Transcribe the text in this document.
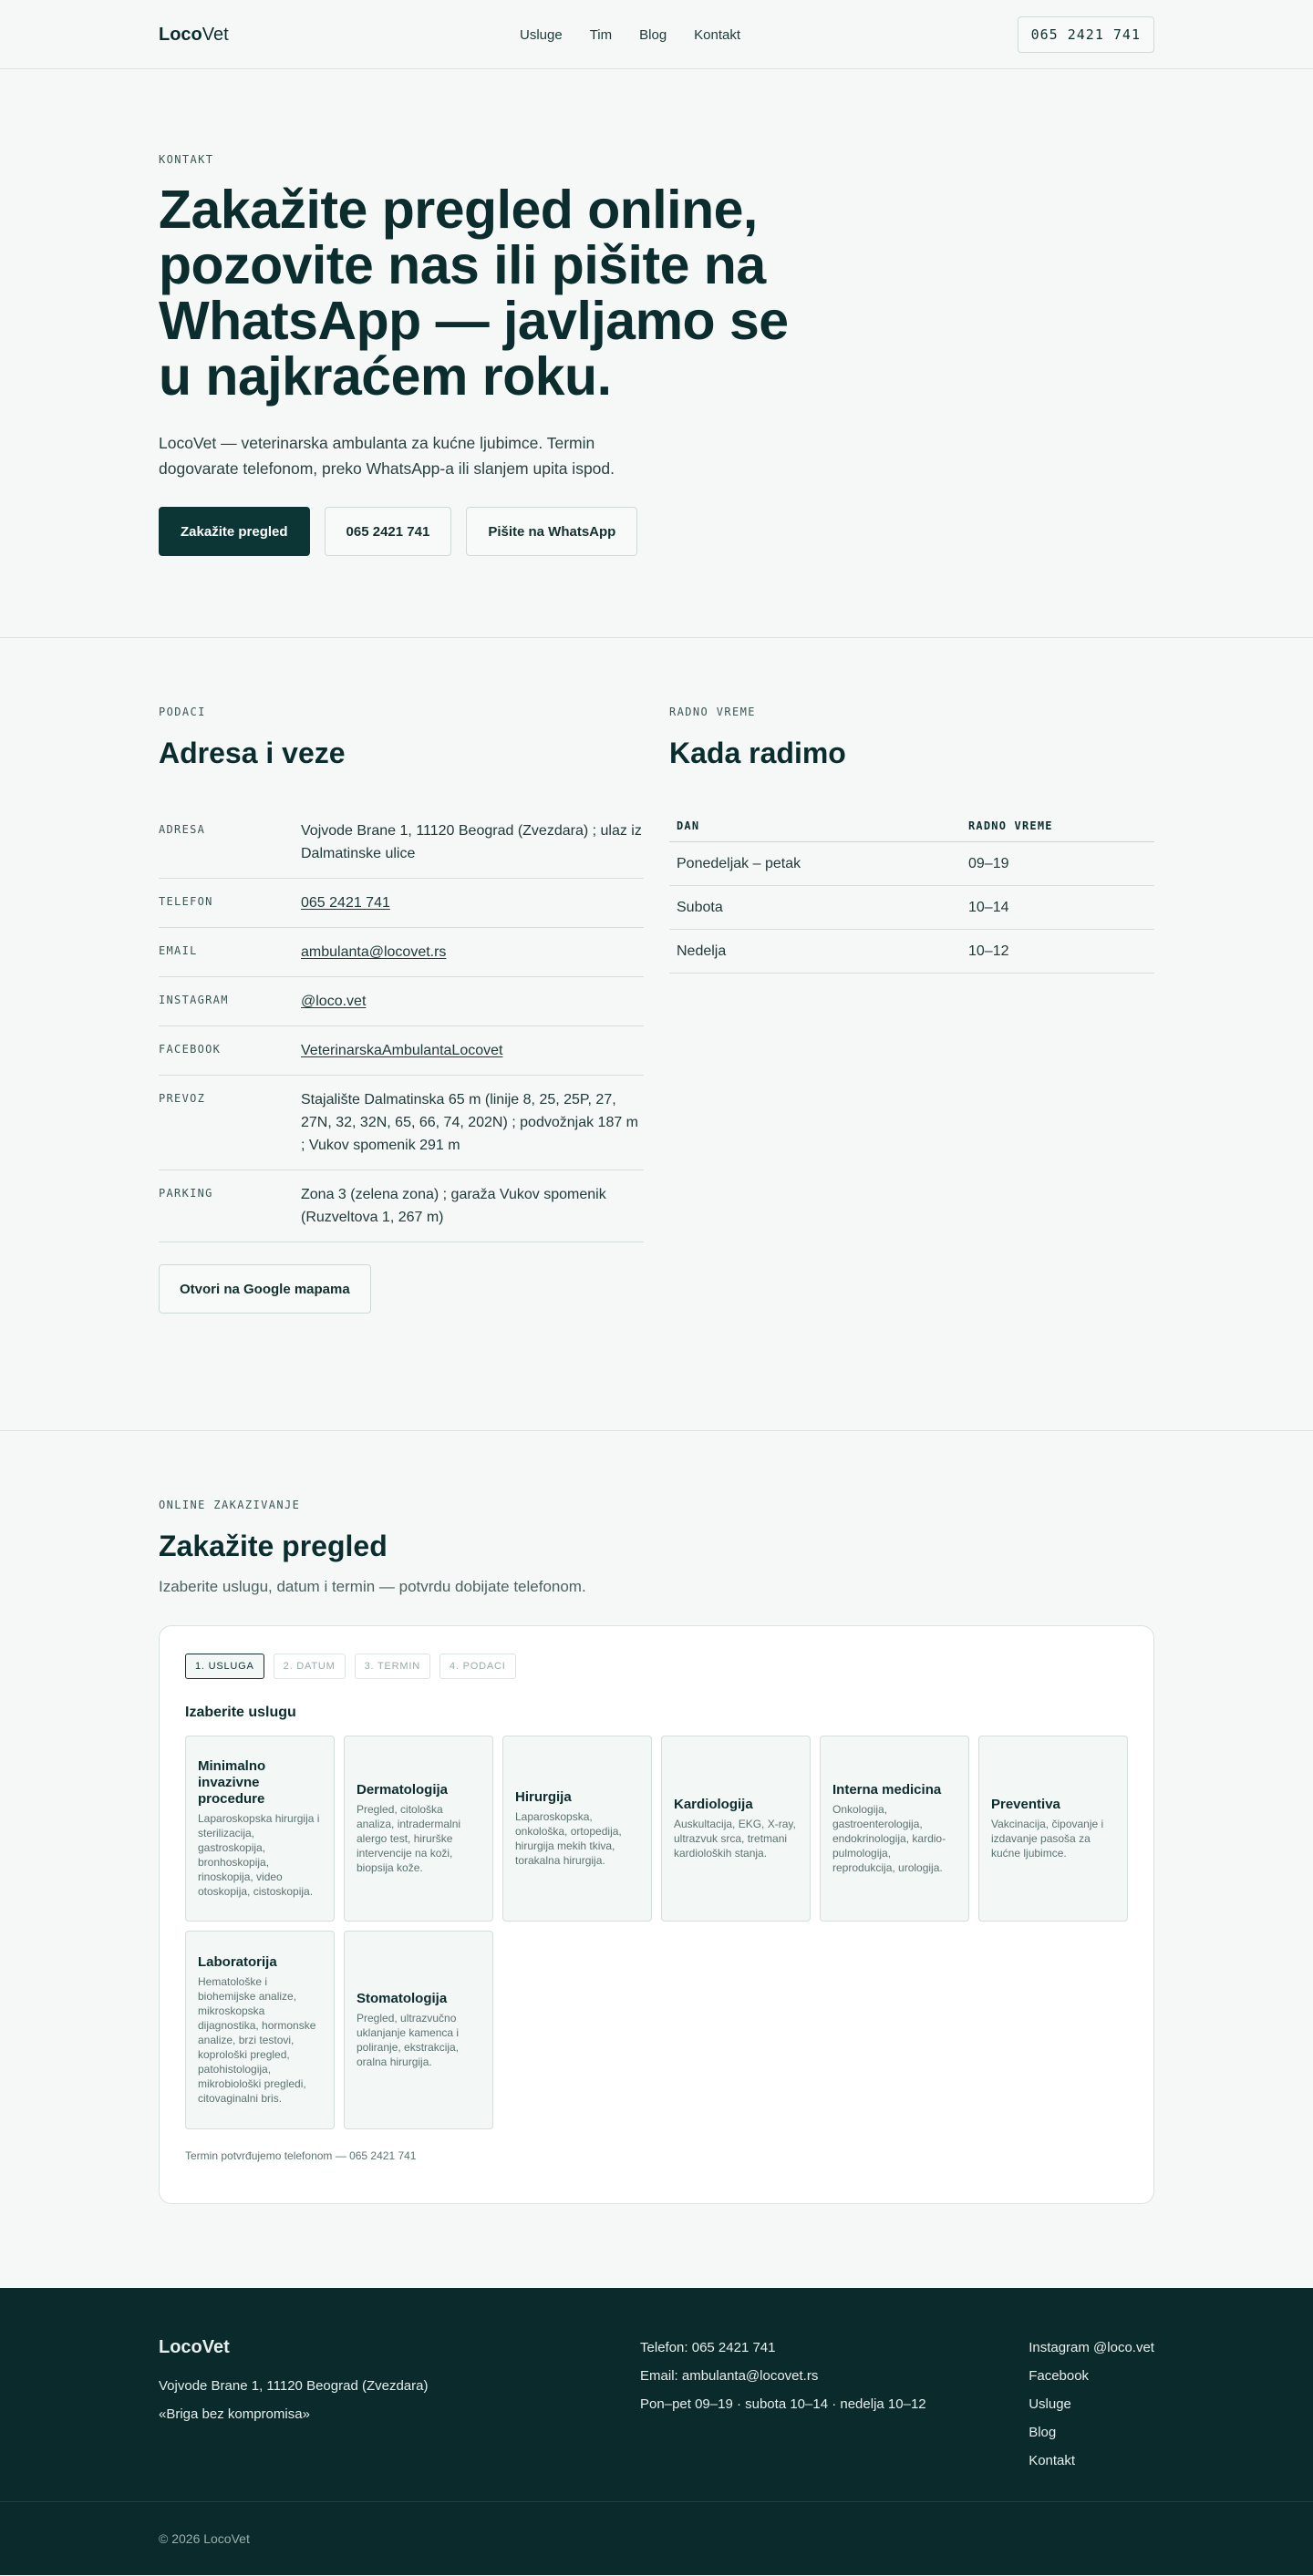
LocoVet	Usluge Tim Blog Kontakt	065 2421 741
KONTAKT
Zakažite pregled online, pozovite nas ili pišite na WhatsApp — javljamo se u najkraćem roku.

LocoVet — veterinarska ambulanta za kućne ljubimce. Termin dogovarate telefonom, preko WhatsApp-a ili slanjem upita ispod.

Zakažite pregled	065 2421 741	Pišite na WhatsApp
PODACI
Adresa i veze
ADRESA	Vojvode Brane 1, 11120 Beograd (Zvezdara) ; ulaz iz Dalmatinske ulice
TELEFON	065 2421 741
EMAIL	ambulanta@locovet.rs
INSTAGRAM	@loco.vet
FACEBOOK	VeterinarskaAmbulantaLocovet
PREVOZ	Stajalište Dalmatinska 65 m (linije 8, 25, 25P, 27, 27N, 32, 32N, 65, 66, 74, 202N) ; podvožnjak 187 m ; Vukov spomenik 291 m
PARKING	Zona 3 (zelena zona) ; garaža Vukov spomenik (Ruzveltova 1, 267 m)
Otvori na Google mapama
RADNO VREME
Kada radimo
DAN	RADNO VREME
Ponedeljak – petak	09–19
Subota	10–14
Nedelja	10–12
ONLINE ZAKAZIVANJE
Zakažite pregled

Izaberite uslugu, datum i termin — potvrdu dobijate telefonom.

1. USLUGA	2. DATUM	3. TERMIN	4. PODACI
Izaberite uslugu
Minimalno invazivne procedure

Laparoskopska hirurgija i sterilizacija, gastroskopija, bronhoskopija, rinoskopija, video otoskopija, cistoskopija.

Dermatologija

Pregled, citološka analiza, intradermalni alergo test, hirurške intervencije na koži, biopsija kože.

Hirurgija

Laparoskopska, onkološka, ortopedija, hirurgija mekih tkiva, torakalna hirurgija.

Kardiologija

Auskultacija, EKG, X-ray, ultrazvuk srca, tretmani kardioloških stanja.

Interna medicina

Onkologija, gastroenterologija, endokrinologija, kardio-pulmologija, reprodukcija, urologija.

Preventiva

Vakcinacija, čipovanje i izdavanje pasoša za kućne ljubimce.

Laboratorija

Hematološke i biohemijske analize, mikroskopska dijagnostika, hormonske analize, brzi testovi, koprološki pregled, patohistologija, mikrobiološki pregledi, citovaginalni bris.

Stomatologija

Pregled, ultrazvučno uklanjanje kamenca i poliranje, ekstrakcija, oralna hirurgija.

Termin potvrđujemo telefonom — 065 2421 741
LocoVet
Vojvode Brane 1, 11120 Beograd (Zvezdara)
«Briga bez kompromisa»
Telefon: 065 2421 741
Email: ambulanta@locovet.rs
Pon–pet 09–19 · subota 10–14 · nedelja 10–12
Instagram @loco.vet
Facebook
Usluge
Blog
Kontakt
© 2026 LocoVet
